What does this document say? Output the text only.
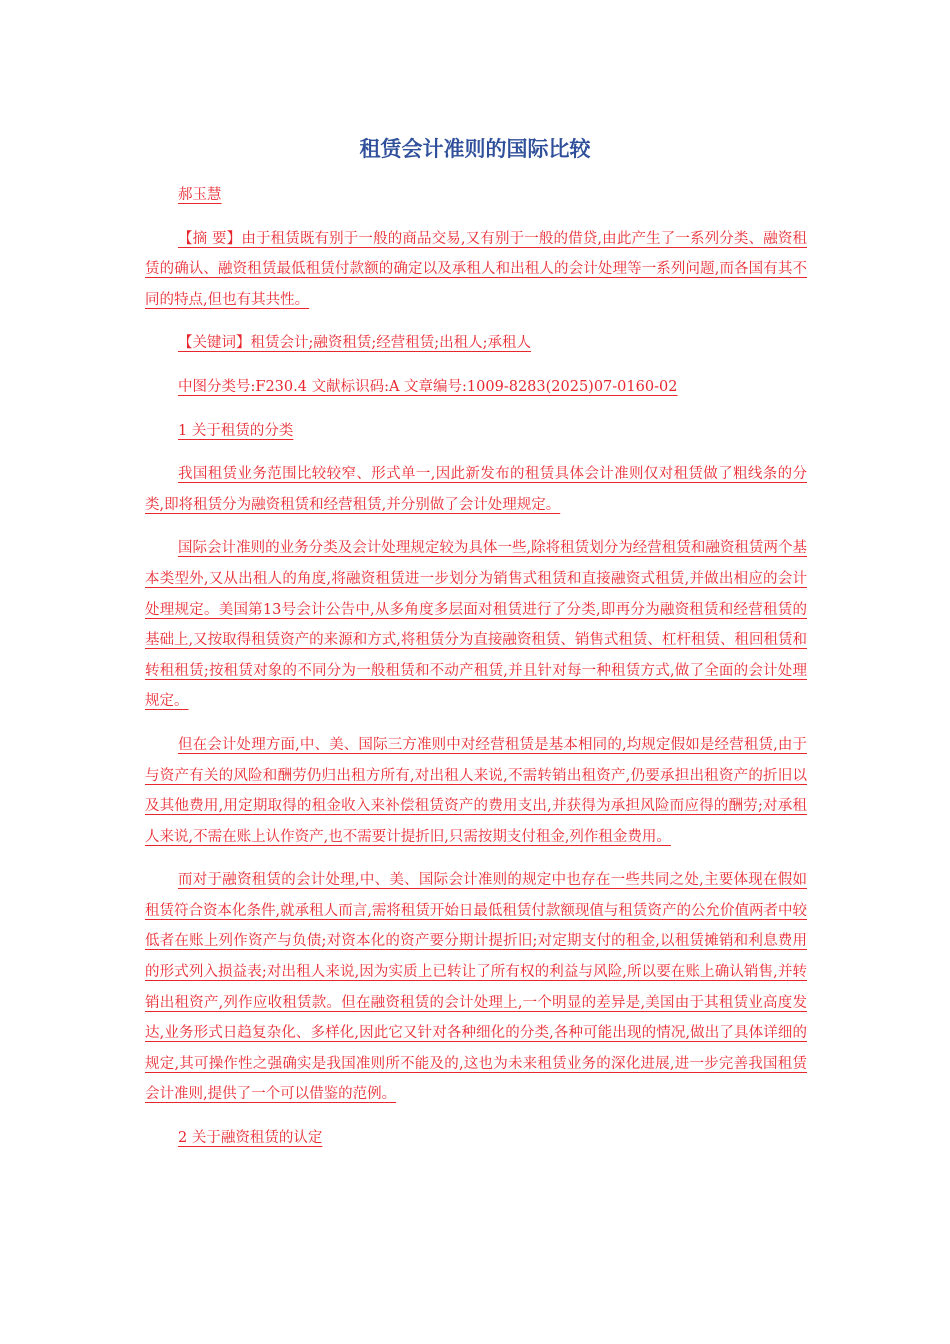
租赁会计准则的国际比较

郝玉慧

【摘 要】由于租赁既有别于一般的商品交易,又有别于一般的借贷,由此产生了一系列分类、融资租赁的确认、融资租赁最低租赁付款额的确定以及承租人和出租人的会计处理等一系列问题,而各国有其不同的特点,但也有其共性。

【关键词】租赁会计;融资租赁;经营租赁;出租人;承租人

中图分类号:F230.4 文献标识码:A 文章编号:1009-8283(2025)07-0160-02

1 关于租赁的分类

我国租赁业务范围比较较窄、形式单一,因此新发布的租赁具体会计准则仅对租赁做了粗线条的分类,即将租赁分为融资租赁和经营租赁,并分别做了会计处理规定。

国际会计准则的业务分类及会计处理规定较为具体一些,除将租赁划分为经营租赁和融资租赁两个基本类型外,又从出租人的角度,将融资租赁进一步划分为销售式租赁和直接融资式租赁,并做出相应的会计处理规定。美国第13号会计公告中,从多角度多层面对租赁进行了分类,即再分为融资租赁和经营租赁的基础上,又按取得租赁资产的来源和方式,将租赁分为直接融资租赁、销售式租赁、杠杆租赁、租回租赁和转租租赁;按租赁对象的不同分为一般租赁和不动产租赁,并且针对每一种租赁方式,做了全面的会计处理规定。

但在会计处理方面,中、美、国际三方准则中对经营租赁是基本相同的,均规定假如是经营租赁,由于与资产有关的风险和酬劳仍归出租方所有,对出租人来说,不需转销出租资产,仍要承担出租资产的折旧以及其他费用,用定期取得的租金收入来补偿租赁资产的费用支出,并获得为承担风险而应得的酬劳;对承租人来说,不需在账上认作资产,也不需要计提折旧,只需按期支付租金,列作租金费用。

而对于融资租赁的会计处理,中、美、国际会计准则的规定中也存在一些共同之处,主要体现在假如租赁符合资本化条件,就承租人而言,需将租赁开始日最低租赁付款额现值与租赁资产的公允价值两者中较低者在账上列作资产与负债;对资本化的资产要分期计提折旧;对定期支付的租金,以租赁摊销和利息费用的形式列入损益表;对出租人来说,因为实质上已转让了所有权的利益与风险,所以要在账上确认销售,并转销出租资产,列作应收租赁款。但在融资租赁的会计处理上,一个明显的差异是,美国由于其租赁业高度发达,业务形式日趋复杂化、多样化,因此它又针对各种细化的分类,各种可能出现的情况,做出了具体详细的规定,其可操作性之强确实是我国准则所不能及的,这也为未来租赁业务的深化进展,进一步完善我国租赁会计准则,提供了一个可以借鉴的范例。

2 关于融资租赁的认定
